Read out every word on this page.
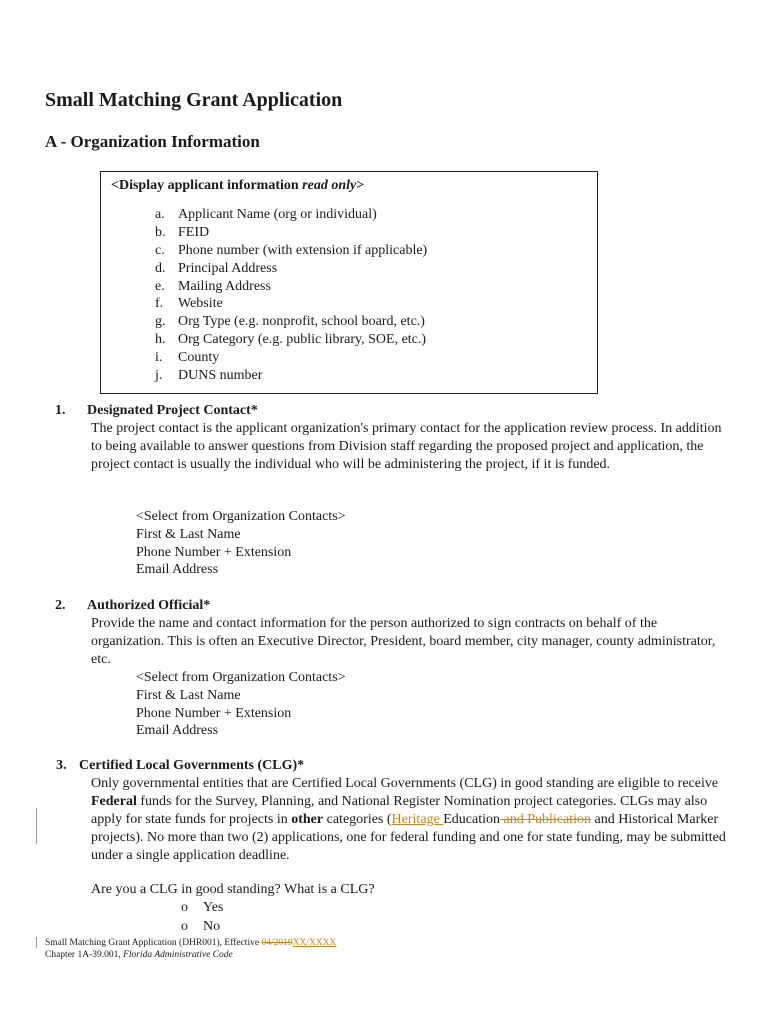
Small Matching Grant Application
A - Organization Information
<Display applicant information read only>
a. Applicant Name (org or individual)
b. FEID
c. Phone number (with extension if applicable)
d. Principal Address
e. Mailing Address
f. Website
g. Org Type (e.g. nonprofit, school board, etc.)
h. Org Category (e.g. public library, SOE, etc.)
i. County
j. DUNS number
1. Designated Project Contact*
The project contact is the applicant organization's primary contact for the application review process. In addition to being available to answer questions from Division staff regarding the proposed project and application, the project contact is usually the individual who will be administering the project, if it is funded.
<Select from Organization Contacts>
First & Last Name
Phone Number + Extension
Email Address
2. Authorized Official*
Provide the name and contact information for the person authorized to sign contracts on behalf of the organization. This is often an Executive Director, President, board member, city manager, county administrator, etc.
<Select from Organization Contacts>
First & Last Name
Phone Number + Extension
Email Address
3. Certified Local Governments (CLG)*
Only governmental entities that are Certified Local Governments (CLG) in good standing are eligible to receive Federal funds for the Survey, Planning, and National Register Nomination project categories. CLGs may also apply for state funds for projects in other categories (Heritage Education and Publication and Historical Marker projects). No more than two (2) applications, one for federal funding and one for state funding, may be submitted under a single application deadline.
Are you a CLG in good standing? What is a CLG?
o Yes
o No
Small Matching Grant Application (DHR001), Effective 04/2019XX/XXXX
Chapter 1A-39.001, Florida Administrative Code
